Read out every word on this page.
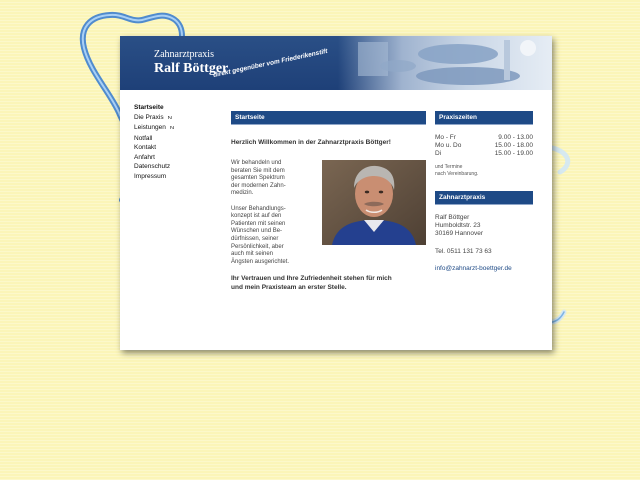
Zahnarztpraxis
Ralf Böttger
direkt gegenüber vom Friederikenstift
Startseite
Die Praxis N
Leistungen N
Notfall
Kontakt
Anfahrt
Datenschutz
Impressum
Startseite
Herzlich Willkommen in der Zahnarztpraxis Böttger!
Wir behandeln und
beraten Sie mit dem
gesamten Spektrum
der modernen Zahn-
medizin.

Unser Behandlungs-
konzept ist auf den
Patienten mit seinen
Wünschen und Be-
dürfnissen, seiner
Persönlichkeit, aber
auch mit seinen
Ängsten ausgerichtet.
Ihr Vertrauen und Ihre Zufriedenheit stehen für mich
und mein Praxisteam an erster Stelle.
Praxiszeiten
Mo - Fr	9.00 - 13.00
Mo u. Do	15.00 - 18.00
Di	15.00 - 19.00
und Termine
nach Vereinbarung.
Zahnarztpraxis
Ralf Böttger
Humboldtstr. 23
30169 Hannover
Tel. 0511 131 73 63
info@zahnarzt-boettger.de
